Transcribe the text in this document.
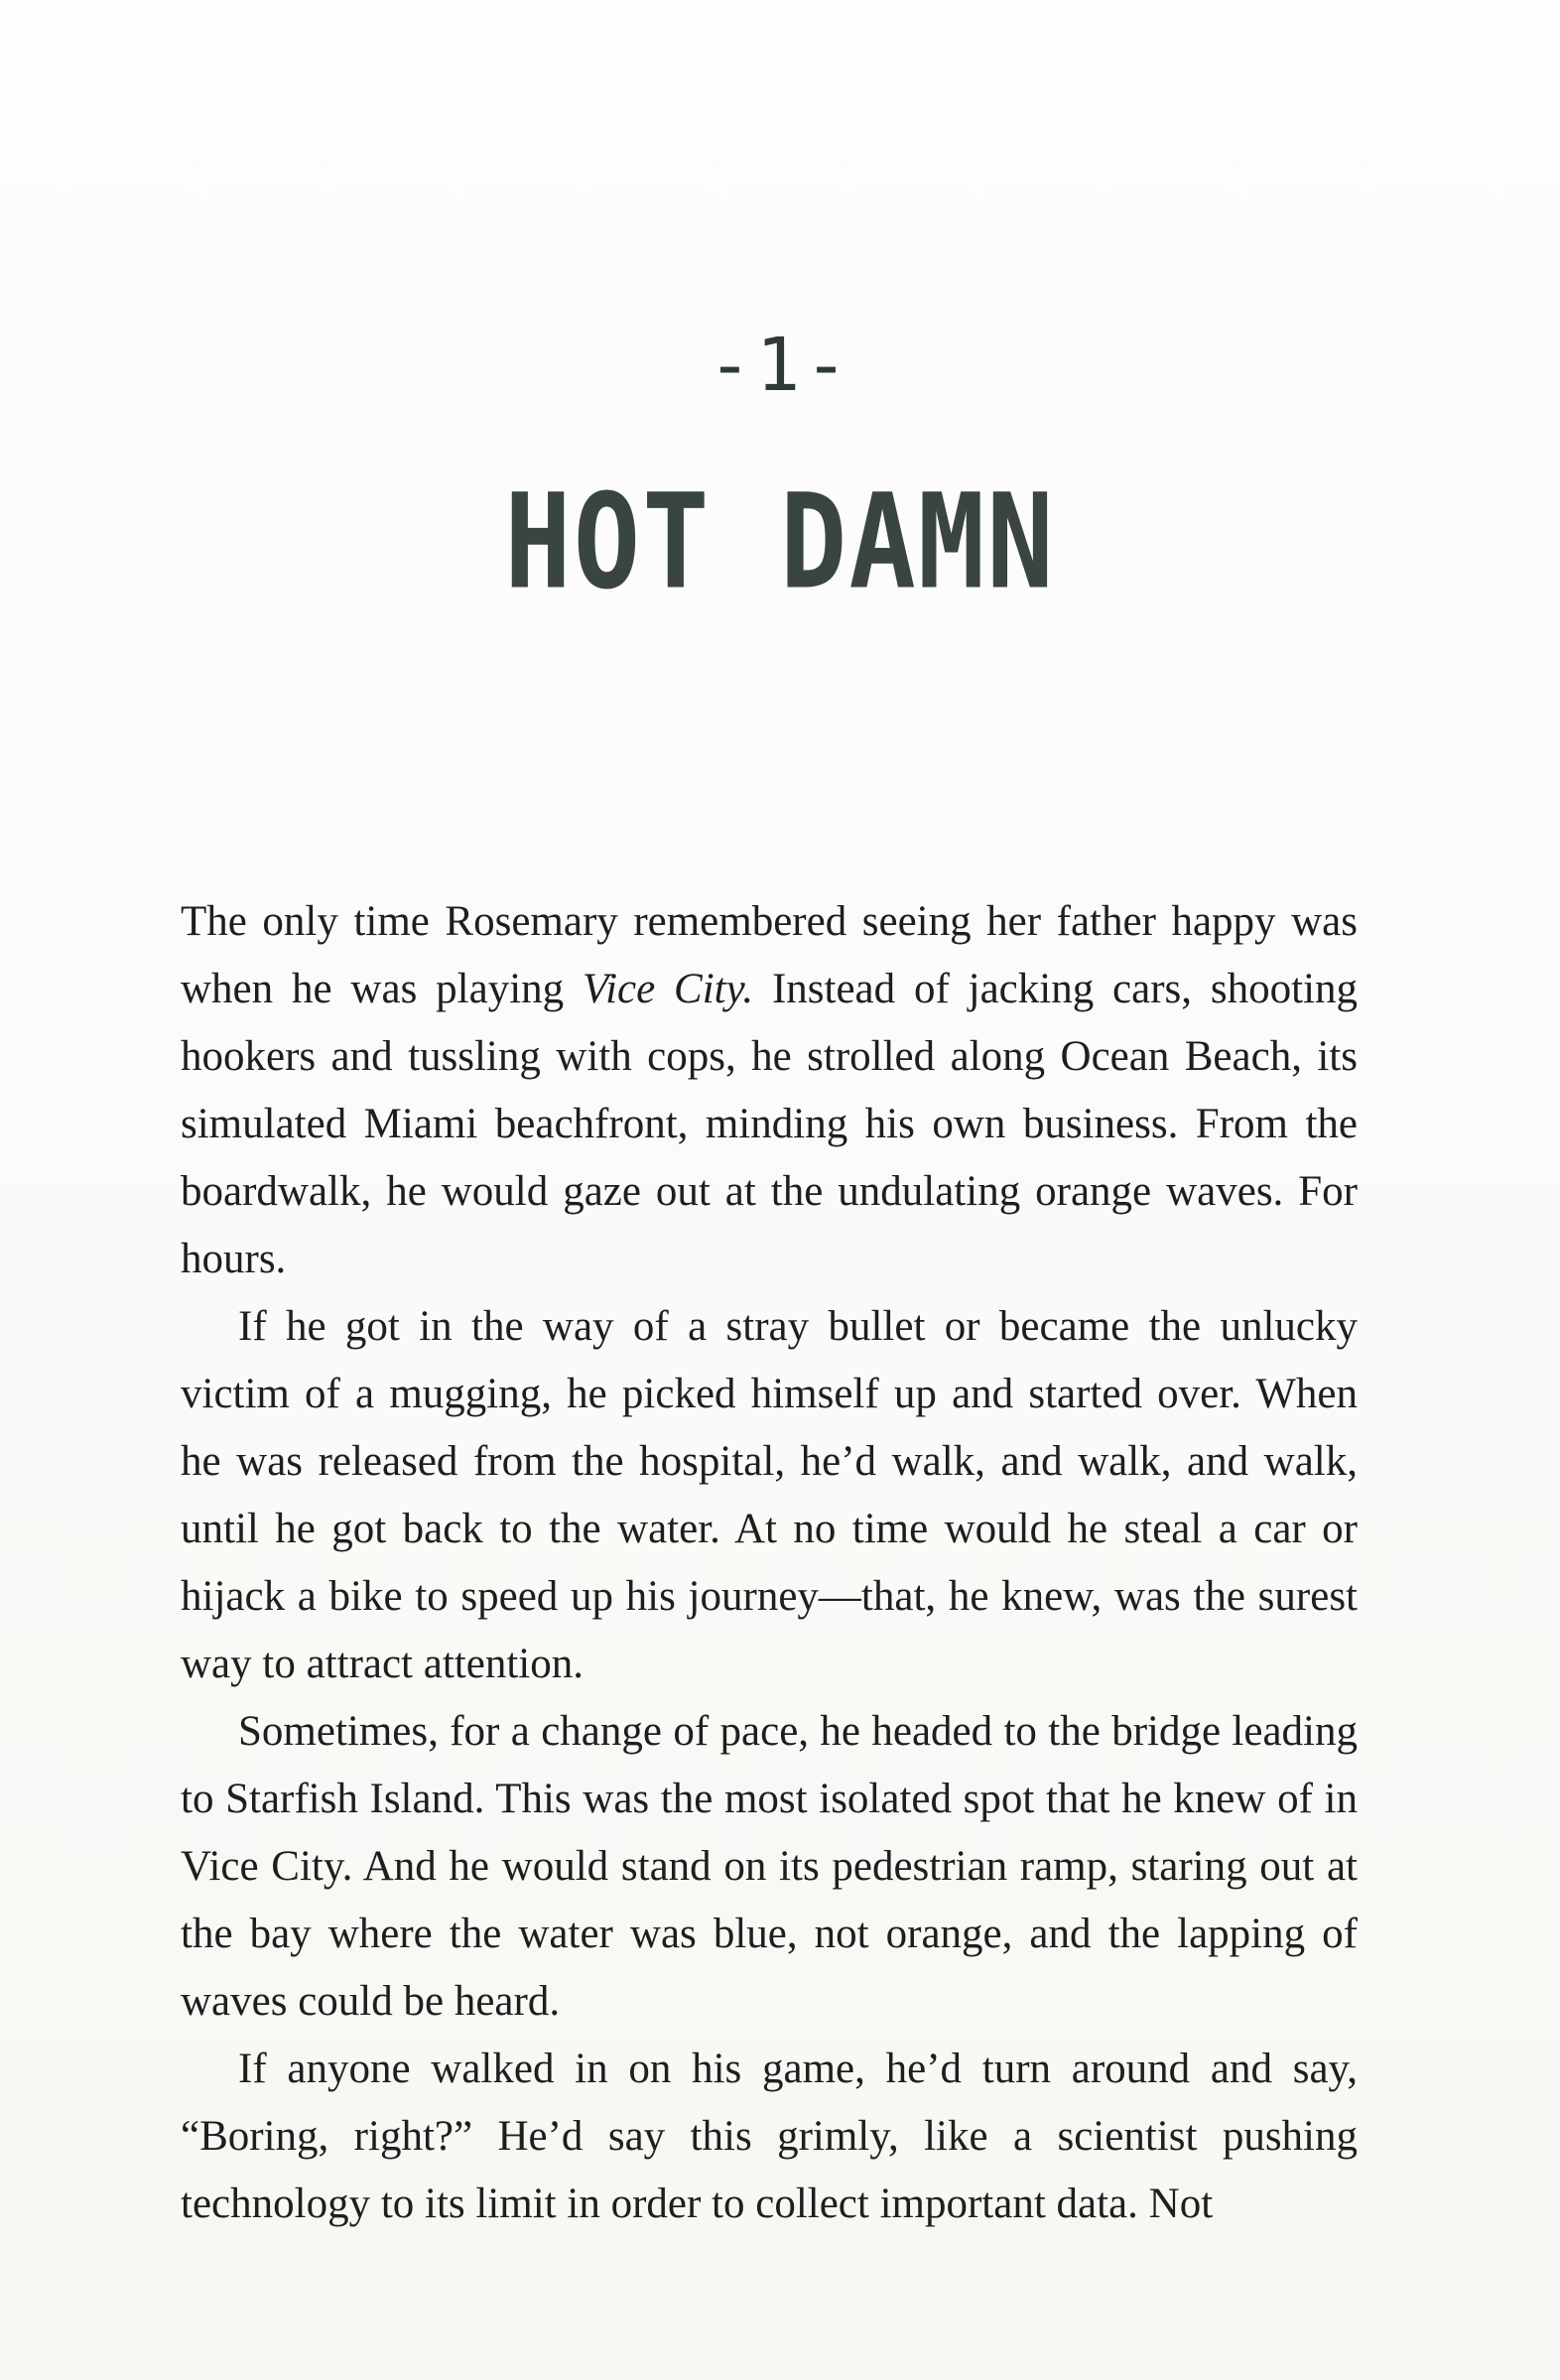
-1-
HOT DAMN

The only time Rosemary remembered seeing her father happy was when he was playing Vice City. Instead of jacking cars, shooting hookers and tussling with cops, he strolled along Ocean Beach, its simulated Miami beachfront, minding his own business. From the boardwalk, he would gaze out at the undulating orange waves. For hours.

If he got in the way of a stray bullet or became the unlucky victim of a mugging, he picked himself up and started over. When he was released from the hospital, he’d walk, and walk, and walk, until he got back to the water. At no time would he steal a car or hijack a bike to speed up his journey—that, he knew, was the surest way to attract attention.

Sometimes, for a change of pace, he headed to the bridge leading to Starfish Island. This was the most isolated spot that he knew of in Vice City. And he would stand on its pedestrian ramp, staring out at the bay where the water was blue, not orange, and the lapping of waves could be heard.

If anyone walked in on his game, he’d turn around and say, “Boring, right?” He’d say this grimly, like a scientist pushing technology to its limit in order to collect important data. Not
